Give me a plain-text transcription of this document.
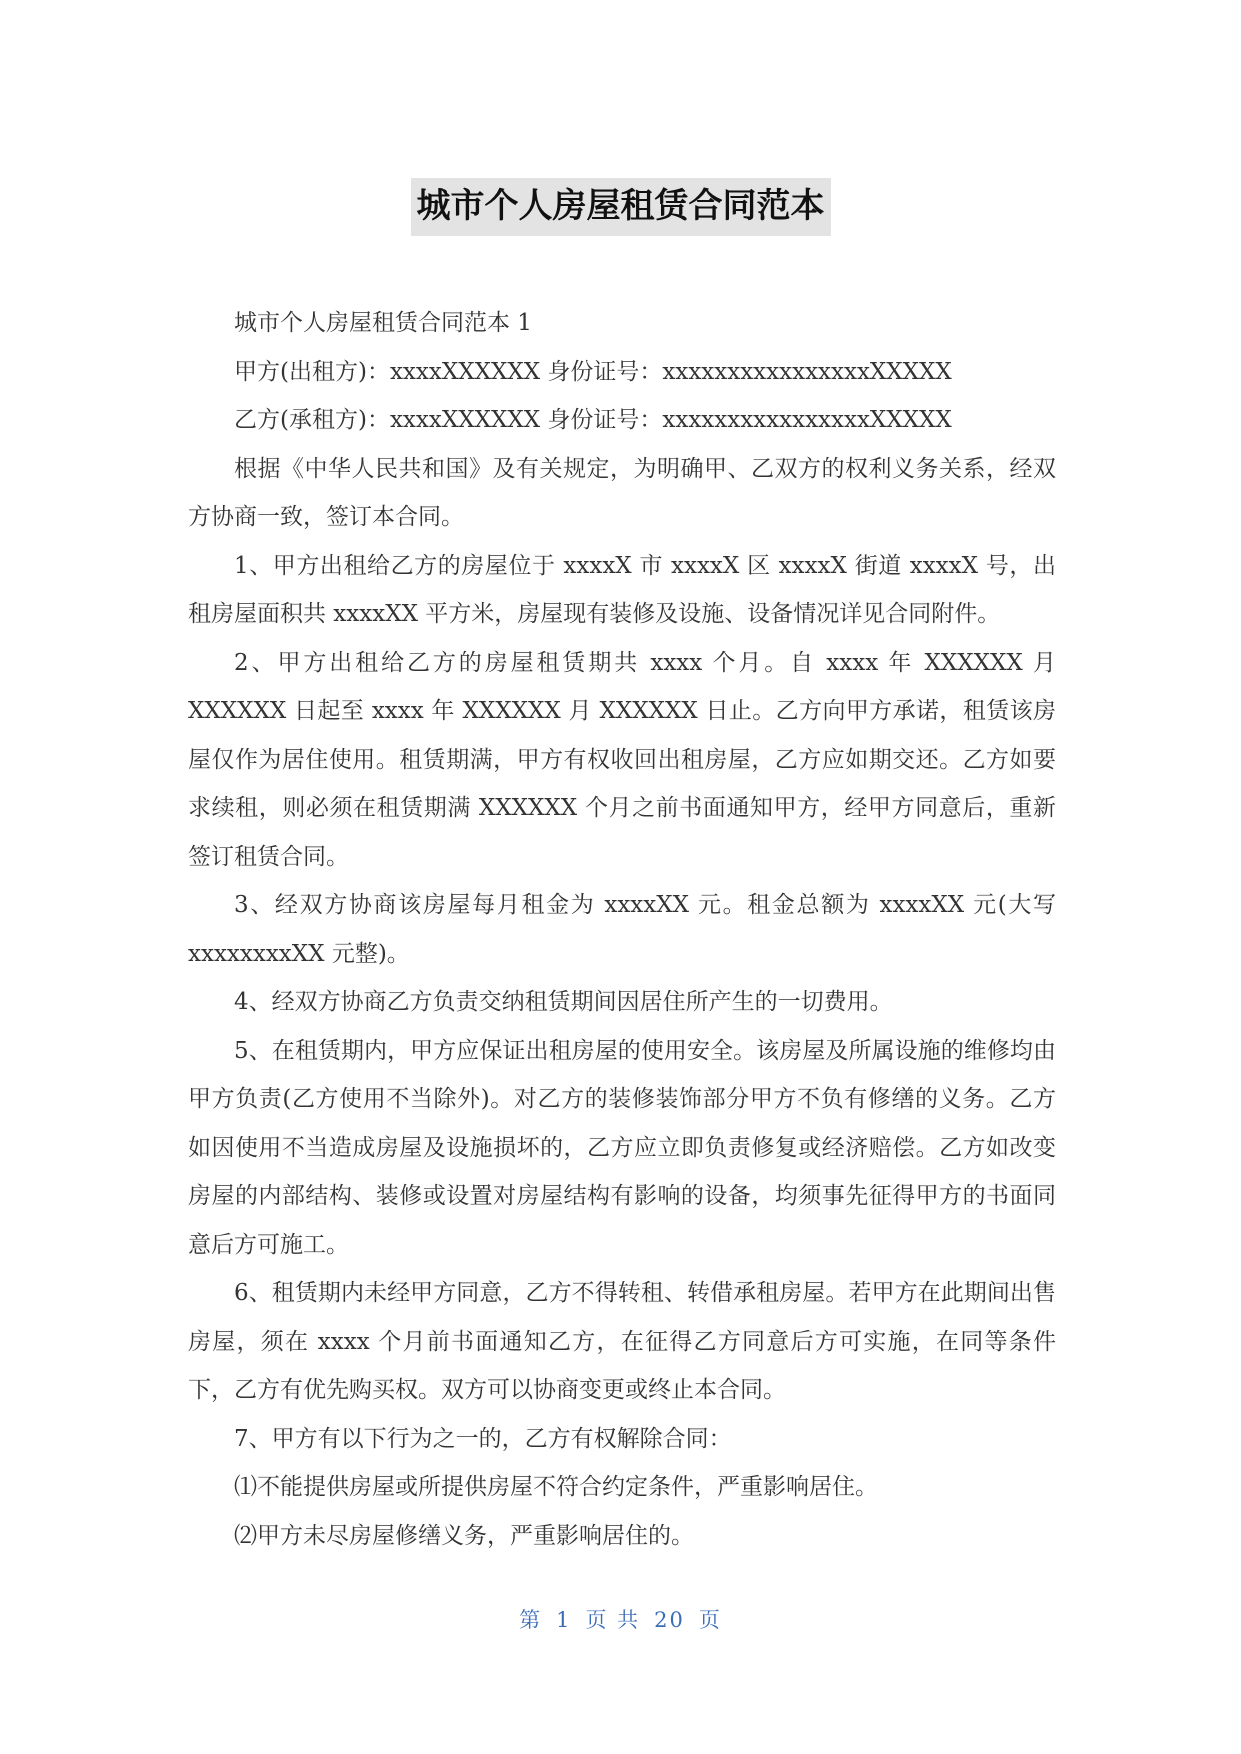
城市个人房屋租赁合同范本

城市个人房屋租赁合同范本 1

甲方(出租方)：xxxxXXXXXX 身份证号：xxxxxxxxxxxxxxxxXXXXX

乙方(承租方)：xxxxXXXXXX 身份证号：xxxxxxxxxxxxxxxxXXXXX

根据《中华人民共和国》及有关规定，为明确甲、乙双方的权利义务关系，经双方协商一致，签订本合同。

1、甲方出租给乙方的房屋位于 xxxxX 市 xxxxX 区 xxxxX 街道 xxxxX 号，出租房屋面积共 xxxxXX 平方米，房屋现有装修及设施、设备情况详见合同附件。

2、甲方出租给乙方的房屋租赁期共 xxxx 个月。自 xxxx 年 XXXXXX 月 XXXXXX 日起至 xxxx 年 XXXXXX 月 XXXXXX 日止。乙方向甲方承诺，租赁该房屋仅作为居住使用。租赁期满，甲方有权收回出租房屋，乙方应如期交还。乙方如要求续租，则必须在租赁期满 XXXXXX 个月之前书面通知甲方，经甲方同意后，重新签订租赁合同。

3、经双方协商该房屋每月租金为 xxxxXX 元。租金总额为 xxxxXX 元(大写 xxxxxxxxXX 元整)。

4、经双方协商乙方负责交纳租赁期间因居住所产生的一切费用。

5、在租赁期内，甲方应保证出租房屋的使用安全。该房屋及所属设施的维修均由甲方负责(乙方使用不当除外)。对乙方的装修装饰部分甲方不负有修缮的义务。乙方如因使用不当造成房屋及设施损坏的，乙方应立即负责修复或经济赔偿。乙方如改变房屋的内部结构、装修或设置对房屋结构有影响的设备，均须事先征得甲方的书面同意后方可施工。

6、租赁期内未经甲方同意，乙方不得转租、转借承租房屋。若甲方在此期间出售房屋，须在 xxxx 个月前书面通知乙方，在征得乙方同意后方可实施，在同等条件下，乙方有优先购买权。双方可以协商变更或终止本合同。

7、甲方有以下行为之一的，乙方有权解除合同：

⑴不能提供房屋或所提供房屋不符合约定条件，严重影响居住。

⑵甲方未尽房屋修缮义务，严重影响居住的。

第 1 页 共 20 页
